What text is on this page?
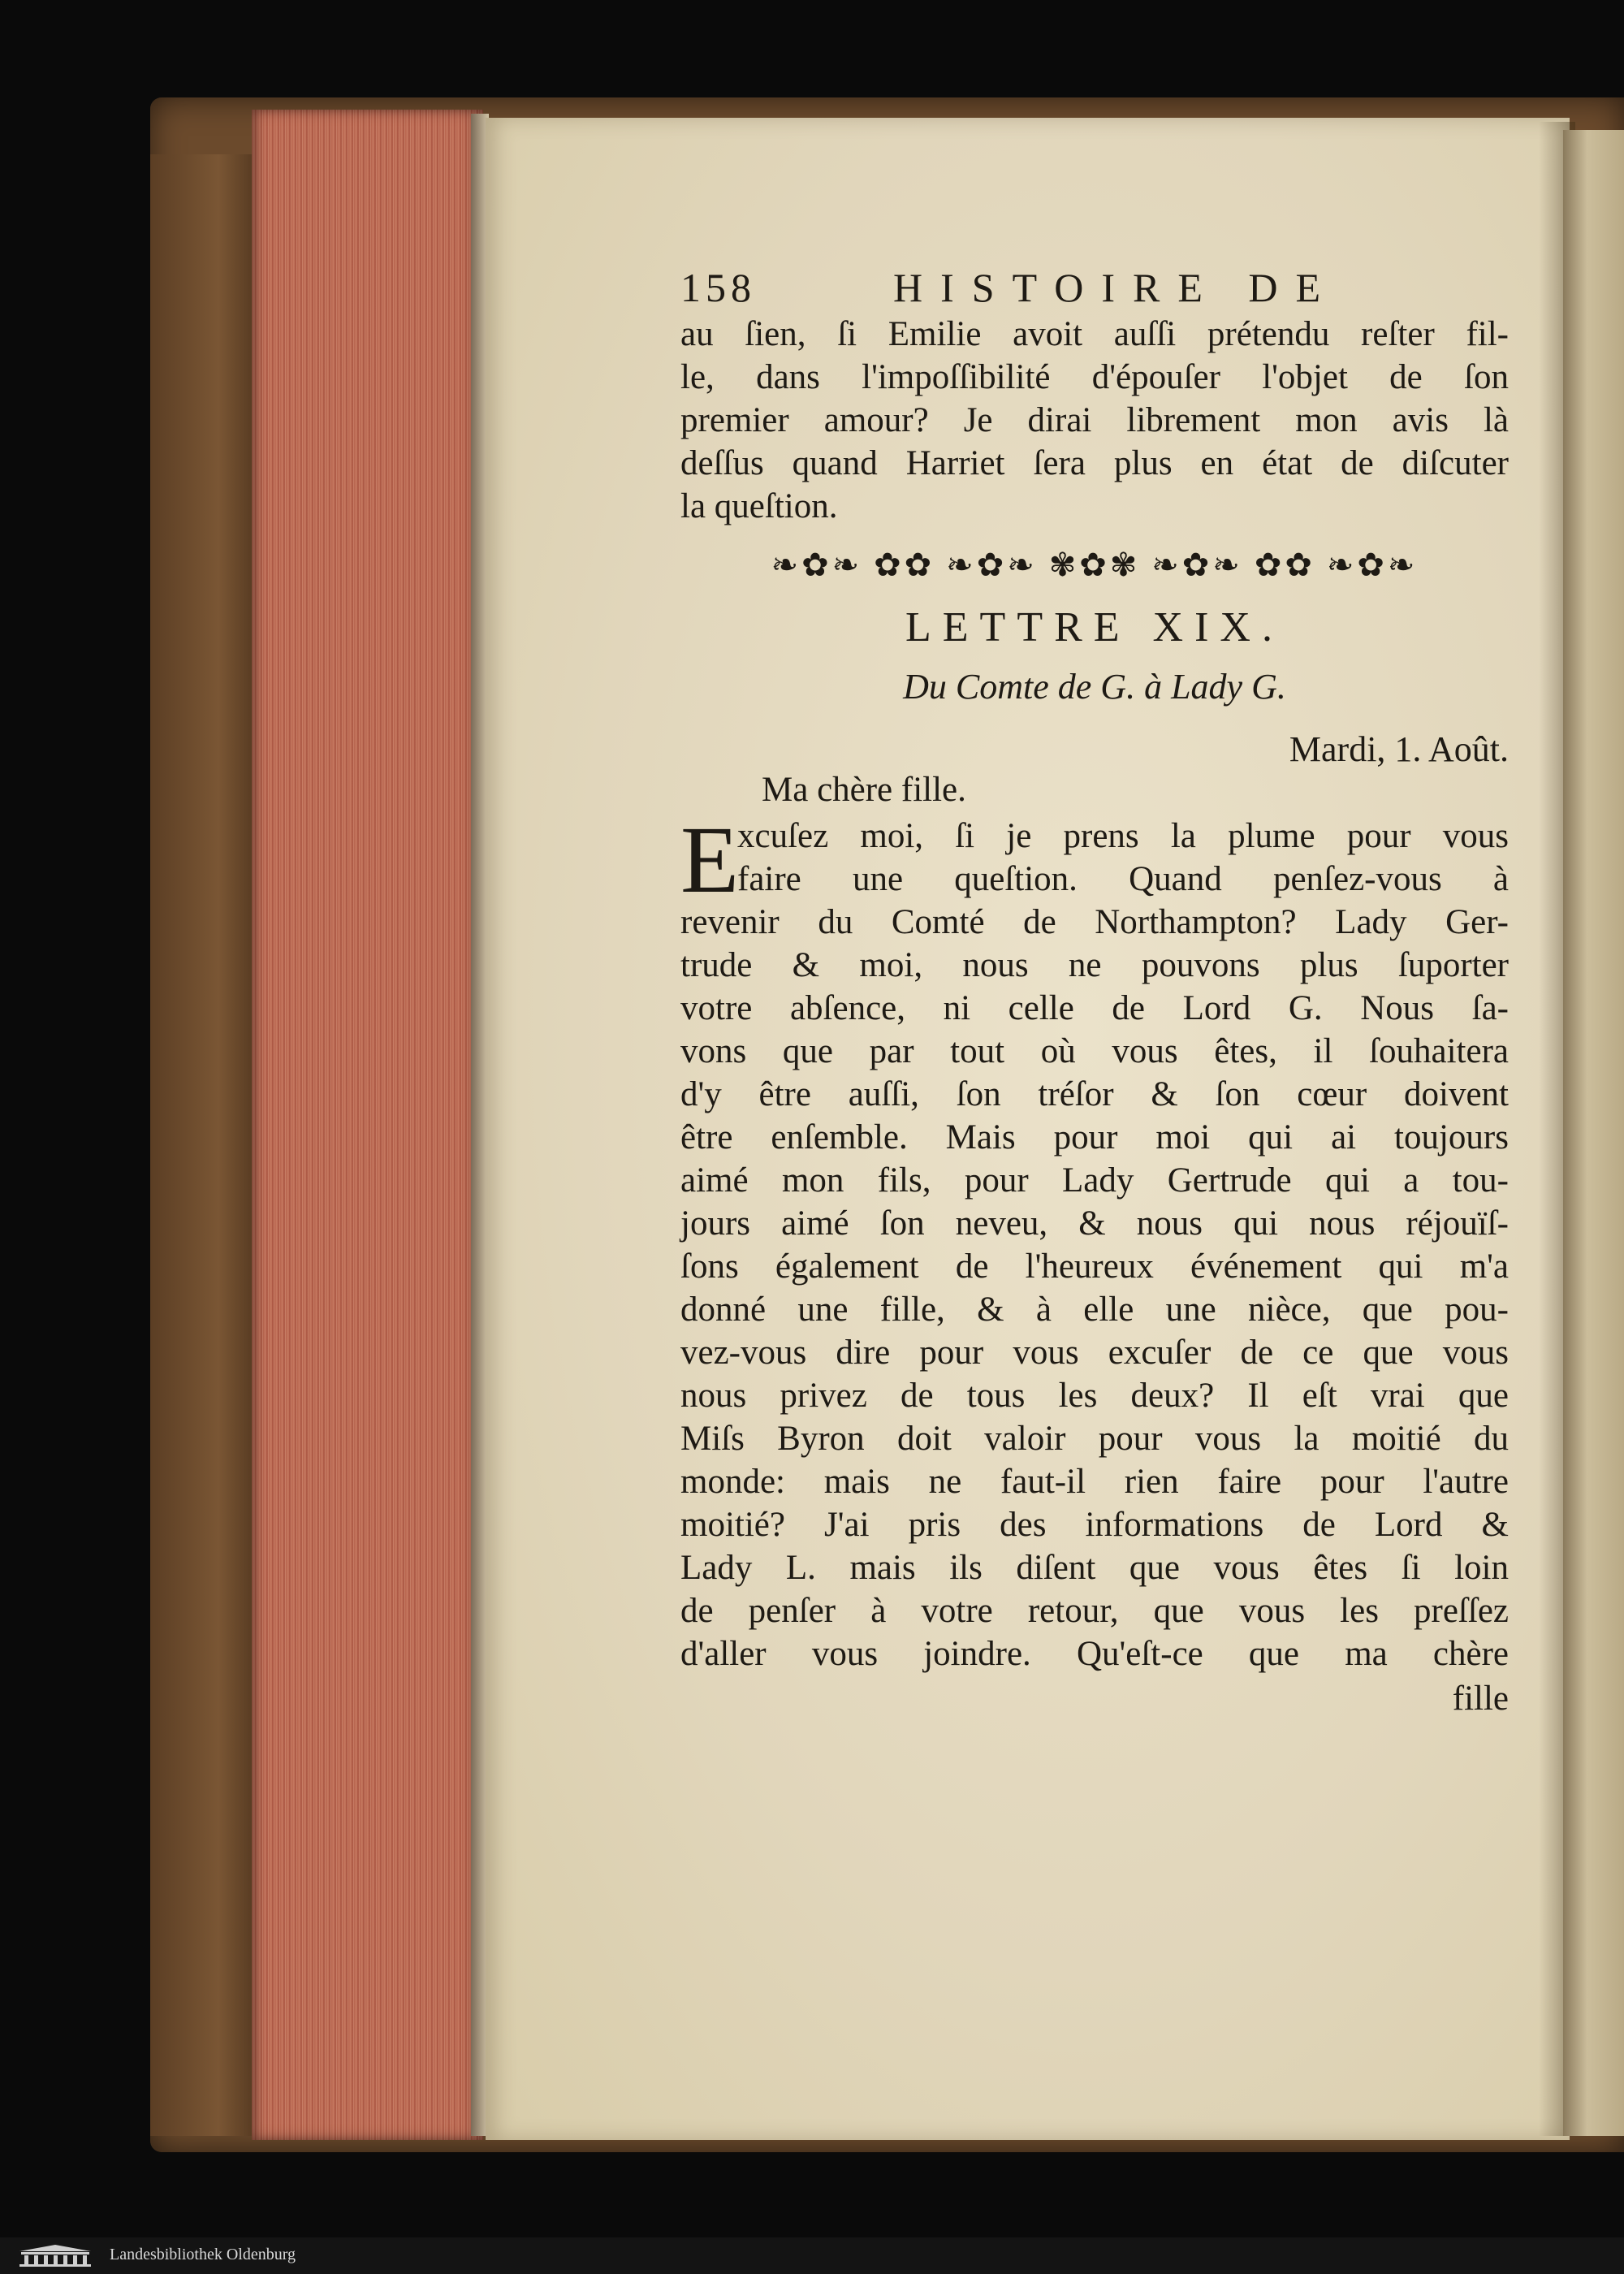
158	HISTOIRE DE
au ſien, ſi Emilie avoit auſſi prétendu reſter fil-
le, dans l'impoſſibilité d'épouſer l'objet de ſon
premier amour? Je dirai librement mon avis là
deſſus quand Harriet ſera plus en état de diſcuter
la queſtion.
❧✿❧ ✿✿ ❧✿❧ ✾✿✾ ❧✿❧ ✿✿ ❧✿❧
LETTRE XIX.
Du Comte de G. à Lady G.
Mardi, 1. Août.
Ma chère fille.
E
xcuſez moi, ſi je prens la plume pour vous
faire une queſtion. Quand penſez-vous à
revenir du Comté de Northampton? Lady Ger-
trude & moi, nous ne pouvons plus ſuporter
votre abſence, ni celle de Lord G. Nous ſa-
vons que par tout où vous êtes, il ſouhaitera
d'y être auſſi, ſon tréſor & ſon cœur doivent
être enſemble. Mais pour moi qui ai toujours
aimé mon fils, pour Lady Gertrude qui a tou-
jours aimé ſon neveu, & nous qui nous réjouïſ-
ſons également de l'heureux événement qui m'a
donné une fille, & à elle une nièce, que pou-
vez-vous dire pour vous excuſer de ce que vous
nous privez de tous les deux? Il eſt vrai que
Miſs Byron doit valoir pour vous la moitié du
monde: mais ne faut-il rien faire pour l'autre
moitié? J'ai pris des informations de Lord &
Lady L. mais ils diſent que vous êtes ſi loin
de penſer à votre retour, que vous les preſſez
d'aller vous joindre. Qu'eſt-ce que ma chère
fille
Landesbibliothek Oldenburg
